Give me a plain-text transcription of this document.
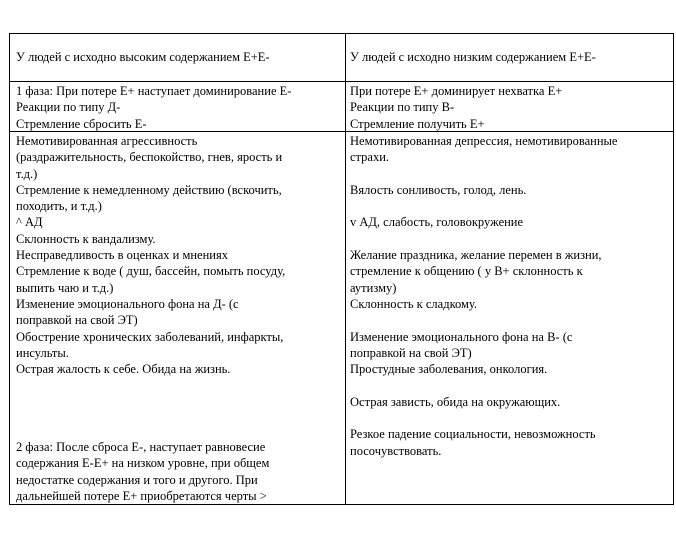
У людей с исходно высоким содержанием Е+Е-	У людей с исходно низким содержанием Е+Е-
1 фаза: При потере Е+ наступает доминирование Е-
Реакции по типу Д-
Стремление сбросить Е-
При потере Е+ доминирует нехватка Е+
Реакции по типу В-
Стремление получить Е+
Немотивированная агрессивность
(раздражительность, беспокойство, гнев, ярость и
т.д.)
Стремление к немедленному действию (вскочить,
походить, и т.д.)
^ АД
Склонность к вандализму.
Несправедливость в оценках и мнениях
Стремление к воде ( душ, бассейн, помыть посуду,
выпить чаю и т.д.)
Изменение эмоционального фона на Д- (с
поправкой на свой ЭТ)
Обострение хронических заболеваний, инфаркты,
инсульты.
Острая жалость к себе. Обида на жизнь.
2 фаза: После сброса Е-, наступает равновесие
содержания Е-Е+ на низком уровне, при общем
недостатке содержания и того и другого. При
дальнейшей потере Е+ приобретаются черты >
Немотивированная депрессия, немотивированные
страхи.
Вялость сонливость, голод, лень.
v АД, слабость, головокружение
Желание праздника, желание перемен в жизни,
стремление к общению ( у В+ склонность к
аутизму)
Склонность к сладкому.
Изменение эмоционального фона на В- (с
поправкой на свой ЭТ)
Простудные заболевания, онкология.
Острая зависть, обида на окружающих.
Резкое падение социальности, невозможность
посочувствовать.
